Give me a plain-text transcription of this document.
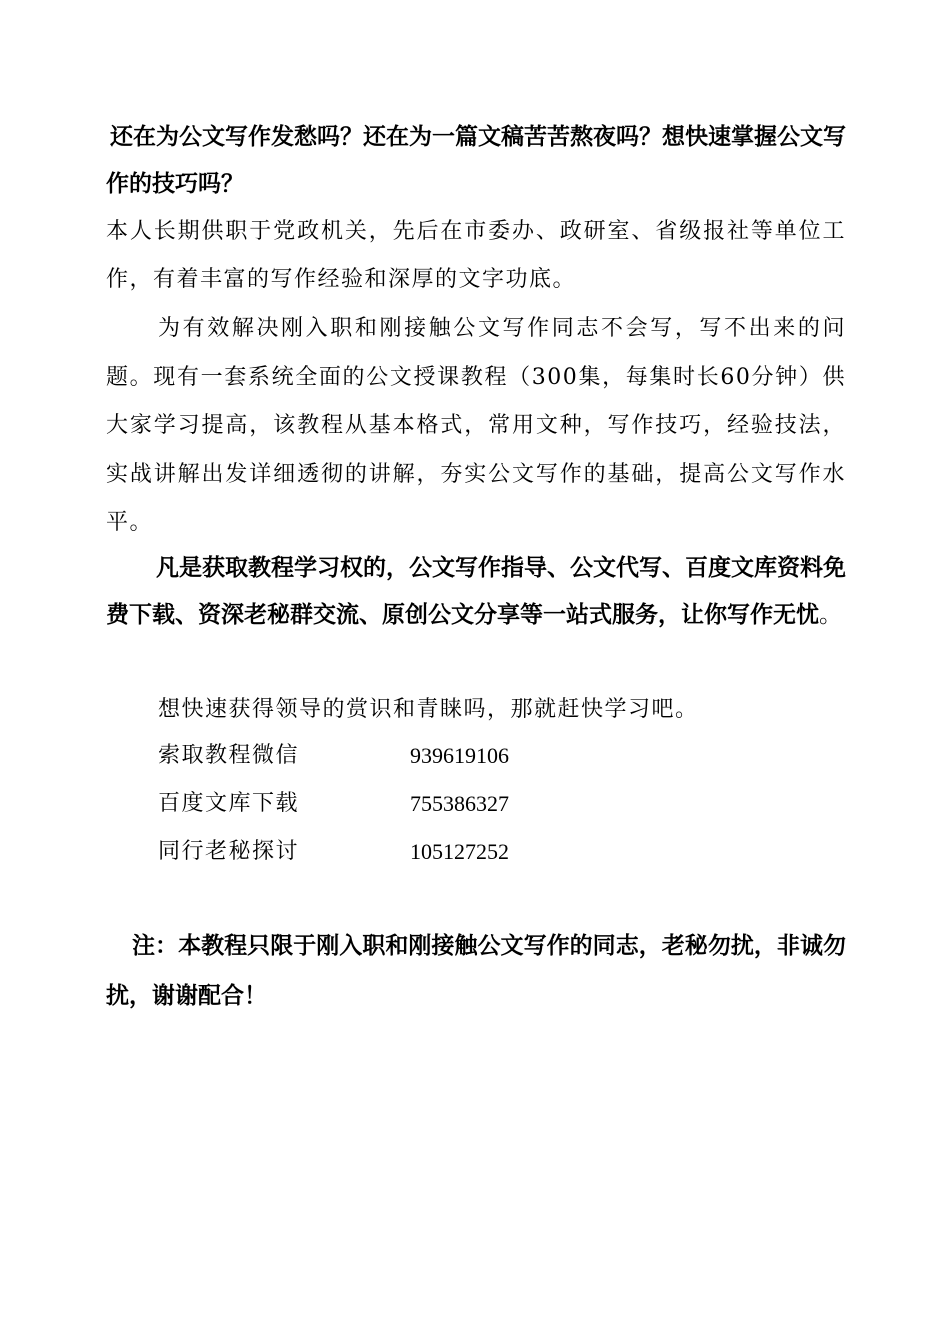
还在为公文写作发愁吗？还在为一篇文稿苦苦熬夜吗？想快速掌握公文写作的技巧吗？
本人长期供职于党政机关，先后在市委办、政研室、省级报社等单位工作，有着丰富的写作经验和深厚的文字功底。
为有效解决刚入职和刚接触公文写作同志不会写，写不出来的问题。现有一套系统全面的公文授课教程（300集，每集时长60分钟）供大家学习提高，该教程从基本格式，常用文种，写作技巧，经验技法，实战讲解出发详细透彻的讲解，夯实公文写作的基础，提高公文写作水平。
凡是获取教程学习权的，公文写作指导、公文代写、百度文库资料免费下载、资深老秘群交流、原创公文分享等一站式服务，让你写作无忧。
想快速获得领导的赏识和青睐吗，那就赶快学习吧。
索取教程微信	939619106
百度文库下载	755386327
同行老秘探讨	105127252
注：本教程只限于刚入职和刚接触公文写作的同志，老秘勿扰，非诚勿扰，谢谢配合！
